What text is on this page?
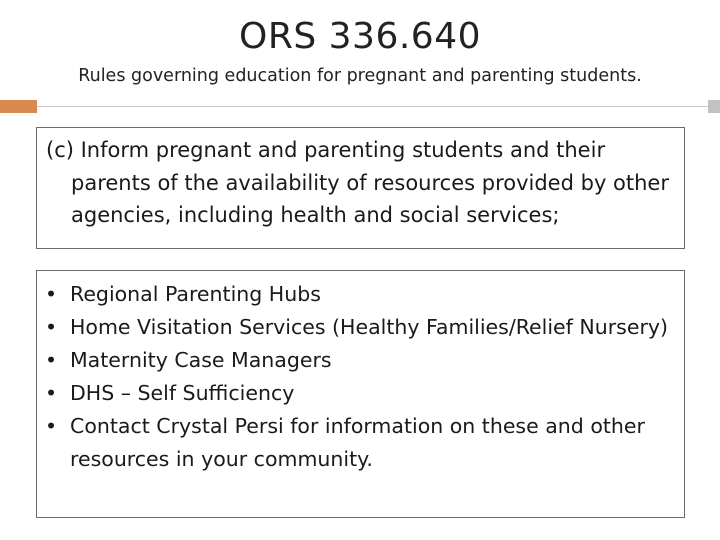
ORS 336.640
Rules governing education for pregnant and parenting students.

(c) Inform pregnant and parenting students and their parents of the availability of resources provided by other agencies, including health and social services;

• Regional Parenting Hubs
• Home Visitation Services (Healthy Families/Relief Nursery)
• Maternity Case Managers
• DHS – Self Sufficiency
• Contact Crystal Persi for information on these and other resources in your community.
